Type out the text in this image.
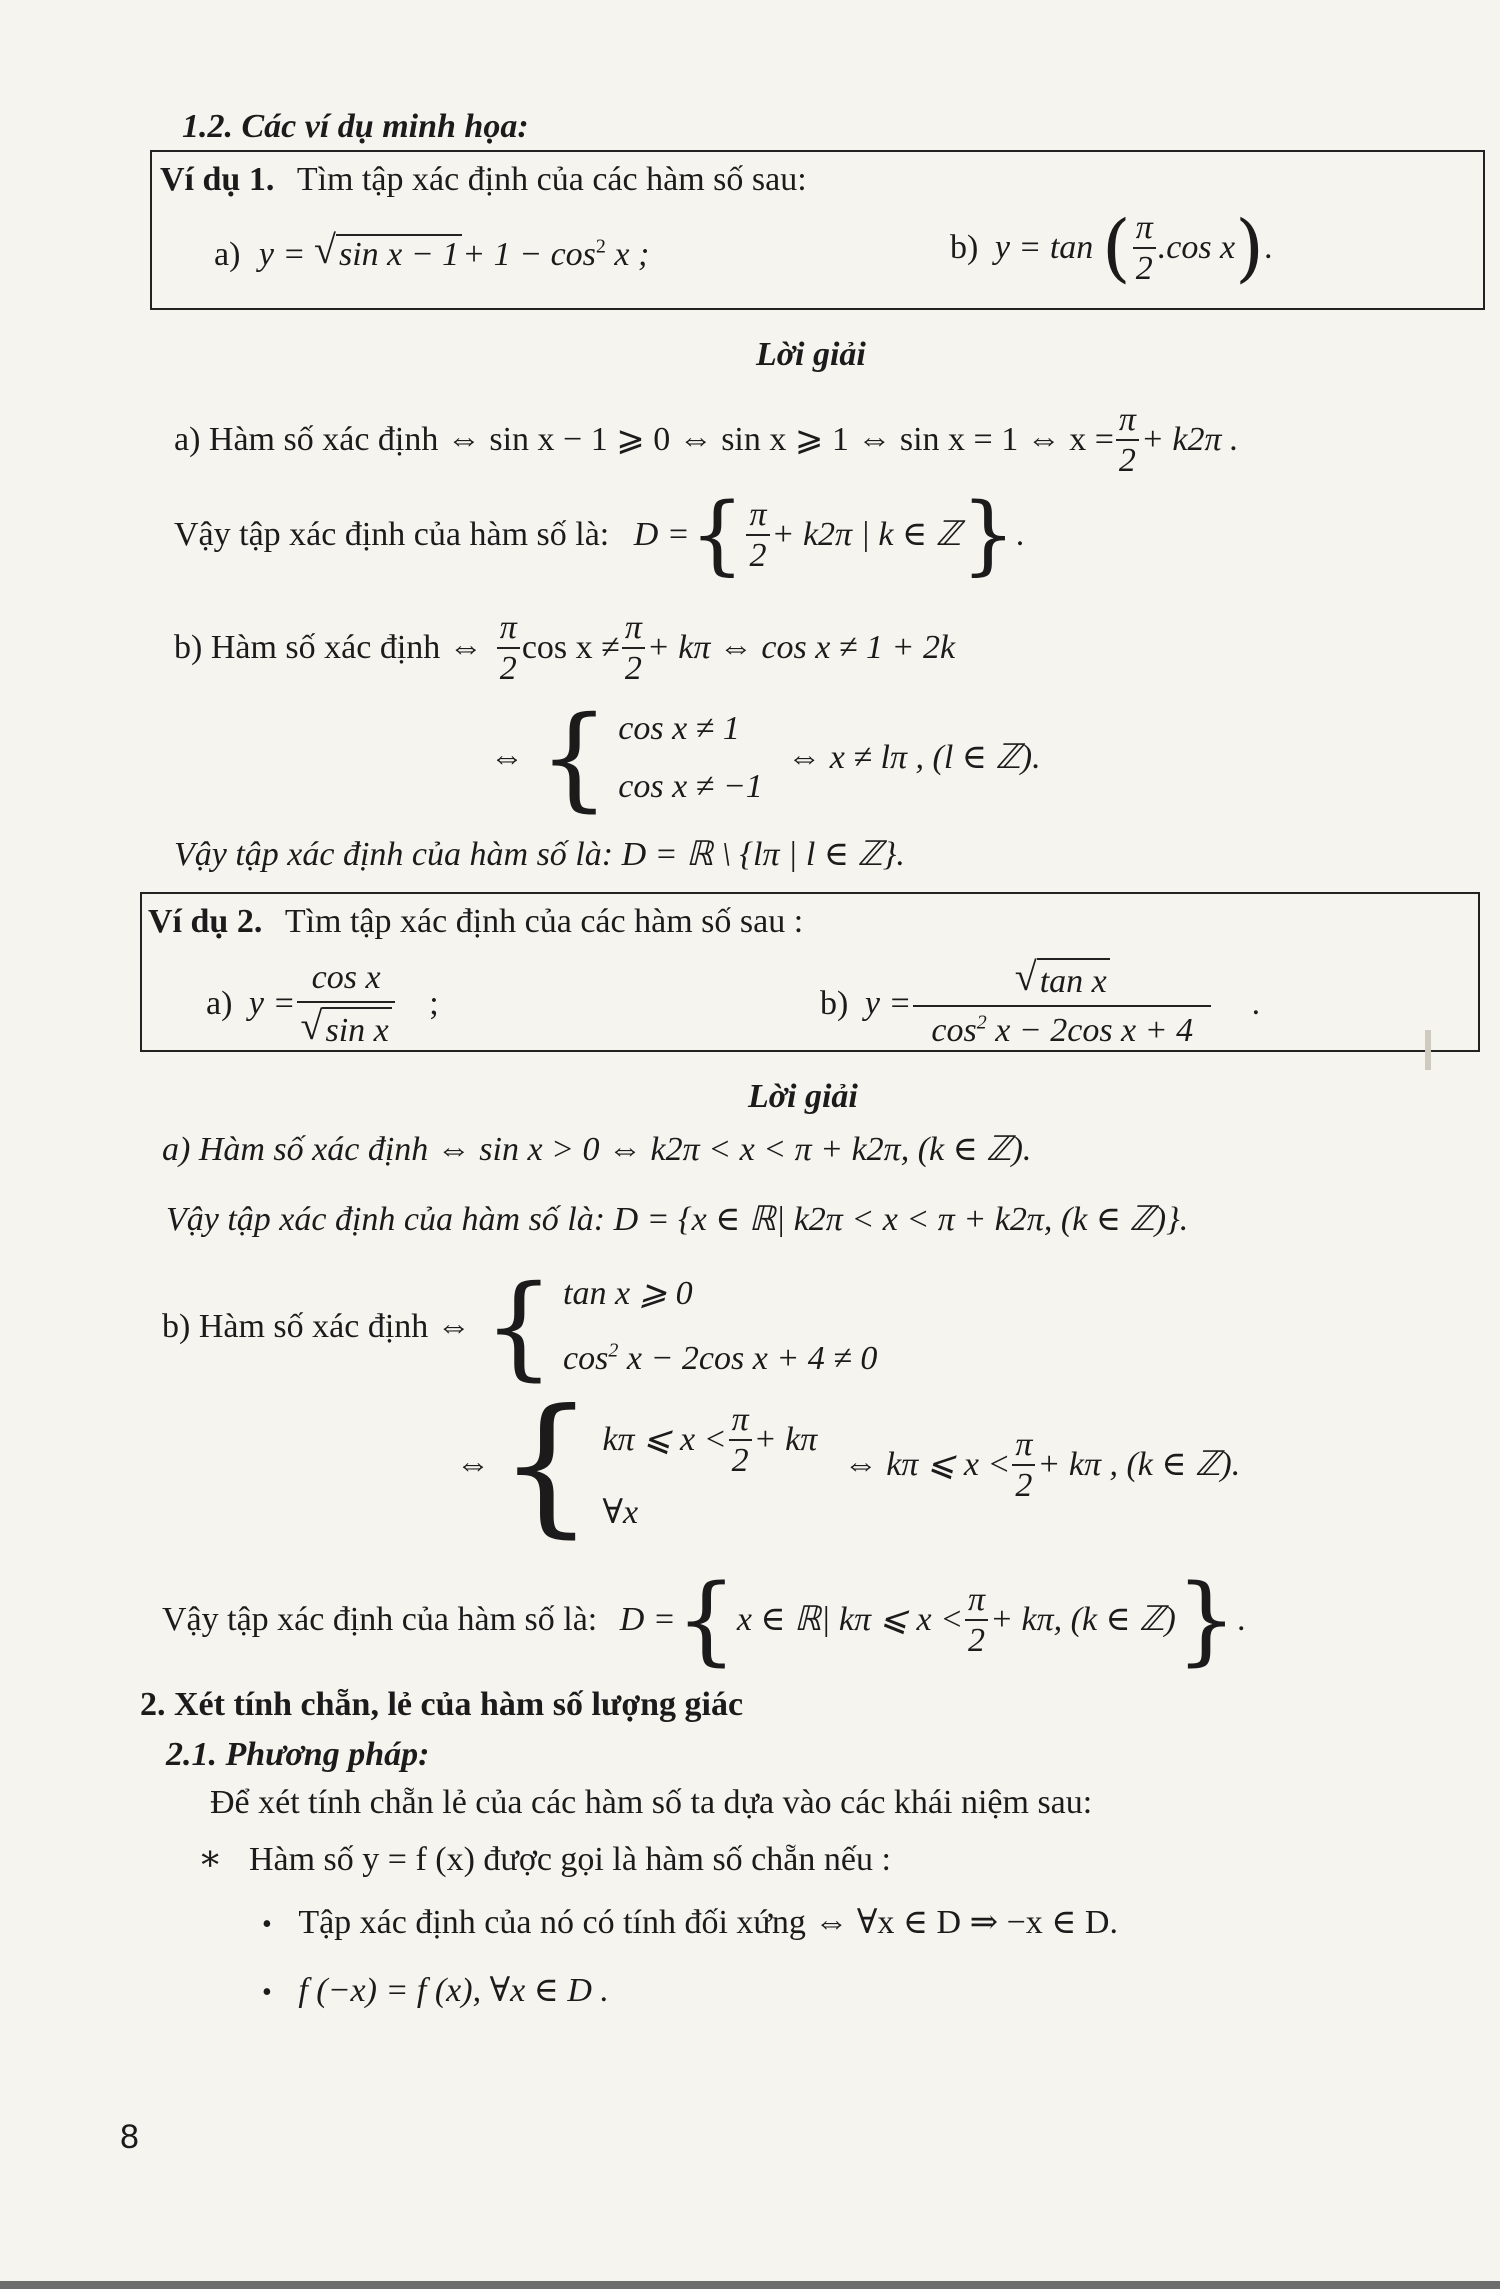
1.2. Các ví dụ minh họa:
Ví dụ 1. Tìm tập xác định của các hàm số sau:
a) y = √ $\sin x - 1+ 1 - \cos^2 x$ ;	b) y = tan ( $\frac{\pi}{2} .\cos$ x).
Lời giải
a) Hàm số xác định ⇔ sin x − 1 ⩾ 0 ⇔ sin x ⩾ 1 ⇔ sin x = 1 ⇔ $x = \frac{\pi}{2} + k2\pi$ .
Vậy tập xác định của hàm số là: D ={ $\frac{\pi}{2} + k2\pi$ | k ∈ ℤ}.
b) Hàm số xác định ⇔ $\frac{\pi}{2}$ $\cos x \ne \frac{\pi}{2} + k\pi$ ⇔ cos x ≠ 1 + 2k
⇔ { cos x ≠ 1
cos x ≠ −1
⇔ x ≠ lπ , (l ∈ ℤ).
Vậy tập xác định của hàm số là: D = ℝ \ {lπ | l ∈ ℤ}.
Ví dụ 2. Tìm tập xác định của các hàm số sau :
a) y = cos x
√ sin x ;	b) y = √ $\frac{\text{tan x}}{\cos^2 x - 2\cos x + 4}$ .
Lời giải
a) Hàm số xác định ⇔ sin x > 0 ⇔ k2π < x < π + k2π, (k ∈ ℤ).
Vậy tập xác định của hàm số là: D = {x ∈ ℝ| k2π < x < π + k2π, (k ∈ ℤ)}.
b) Hàm số xác định ⇔ { tan x ⩾ 0
$\cos^2 x - 2\cos$ x + 4 ≠ 0
⇔ { kπ ⩽ $x < \frac{\pi}{2} + k\pi$
∀x
⇔ kπ ⩽ $x < \frac{\pi}{2} + k\pi$ , (k ∈ ℤ).
Vậy tập xác định của hàm số là: D ={x ∈ ℝ| kπ ⩽ $x < \frac{\pi}{2} + k\pi$, (k ∈ ℤ)}.
2. Xét tính chẵn, lẻ của hàm số lượng giác
2.1. Phương pháp:
Để xét tính chẵn lẻ của các hàm số ta dựa vào các khái niệm sau:
∗ Hàm số y = f (x) được gọi là hàm số chẵn nếu :
• Tập xác định của nó có tính đối xứng ⇔ ∀x ∈ D ⇒ −x ∈ D.
• f (−x) = f (x), ∀x ∈ D .
8
